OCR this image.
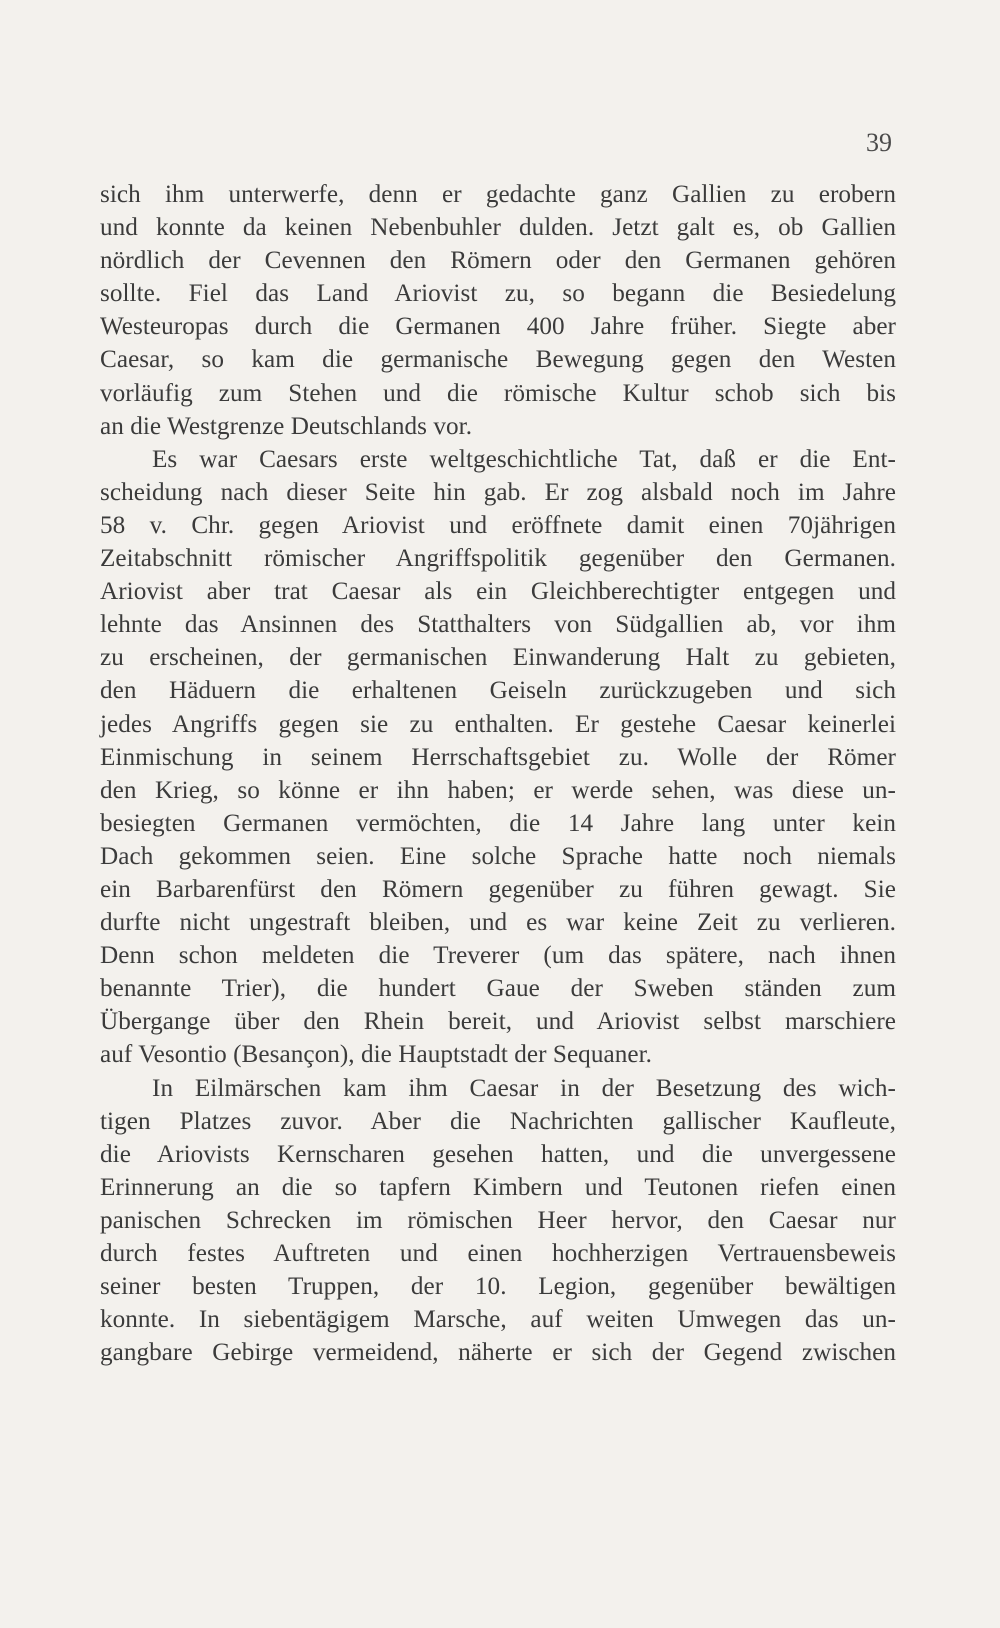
39
sich ihm unterwerfe, denn er gedachte ganz Gallien zu erobern
und konnte da keinen Nebenbuhler dulden. Jetzt galt es, ob Gallien
nördlich der Cevennen den Römern oder den Germanen gehören
sollte. Fiel das Land Ariovist zu, so begann die Besiedelung
Westeuropas durch die Germanen 400 Jahre früher. Siegte aber
Caesar, so kam die germanische Bewegung gegen den Westen
vorläufig zum Stehen und die römische Kultur schob sich bis
an die Westgrenze Deutschlands vor.
Es war Caesars erste weltgeschichtliche Tat, daß er die Ent-
scheidung nach dieser Seite hin gab. Er zog alsbald noch im Jahre
58 v. Chr. gegen Ariovist und eröffnete damit einen 70jährigen
Zeitabschnitt römischer Angriffspolitik gegenüber den Germanen.
Ariovist aber trat Caesar als ein Gleichberechtigter entgegen und
lehnte das Ansinnen des Statthalters von Südgallien ab, vor ihm
zu erscheinen, der germanischen Einwanderung Halt zu gebieten,
den Häduern die erhaltenen Geiseln zurückzugeben und sich
jedes Angriffs gegen sie zu enthalten. Er gestehe Caesar keinerlei
Einmischung in seinem Herrschaftsgebiet zu. Wolle der Römer
den Krieg, so könne er ihn haben; er werde sehen, was diese un-
besiegten Germanen vermöchten, die 14 Jahre lang unter kein
Dach gekommen seien. Eine solche Sprache hatte noch niemals
ein Barbarenfürst den Römern gegenüber zu führen gewagt. Sie
durfte nicht ungestraft bleiben, und es war keine Zeit zu verlieren.
Denn schon meldeten die Treverer (um das spätere, nach ihnen
benannte Trier), die hundert Gaue der Sweben ständen zum
Übergange über den Rhein bereit, und Ariovist selbst marschiere
auf Vesontio (Besançon), die Hauptstadt der Sequaner.
In Eilmärschen kam ihm Caesar in der Besetzung des wich-
tigen Platzes zuvor. Aber die Nachrichten gallischer Kaufleute,
die Ariovists Kernscharen gesehen hatten, und die unvergessene
Erinnerung an die so tapfern Kimbern und Teutonen riefen einen
panischen Schrecken im römischen Heer hervor, den Caesar nur
durch festes Auftreten und einen hochherzigen Vertrauensbeweis
seiner besten Truppen, der 10. Legion, gegenüber bewältigen
konnte. In siebentägigem Marsche, auf weiten Umwegen das un-
gangbare Gebirge vermeidend, näherte er sich der Gegend zwischen
